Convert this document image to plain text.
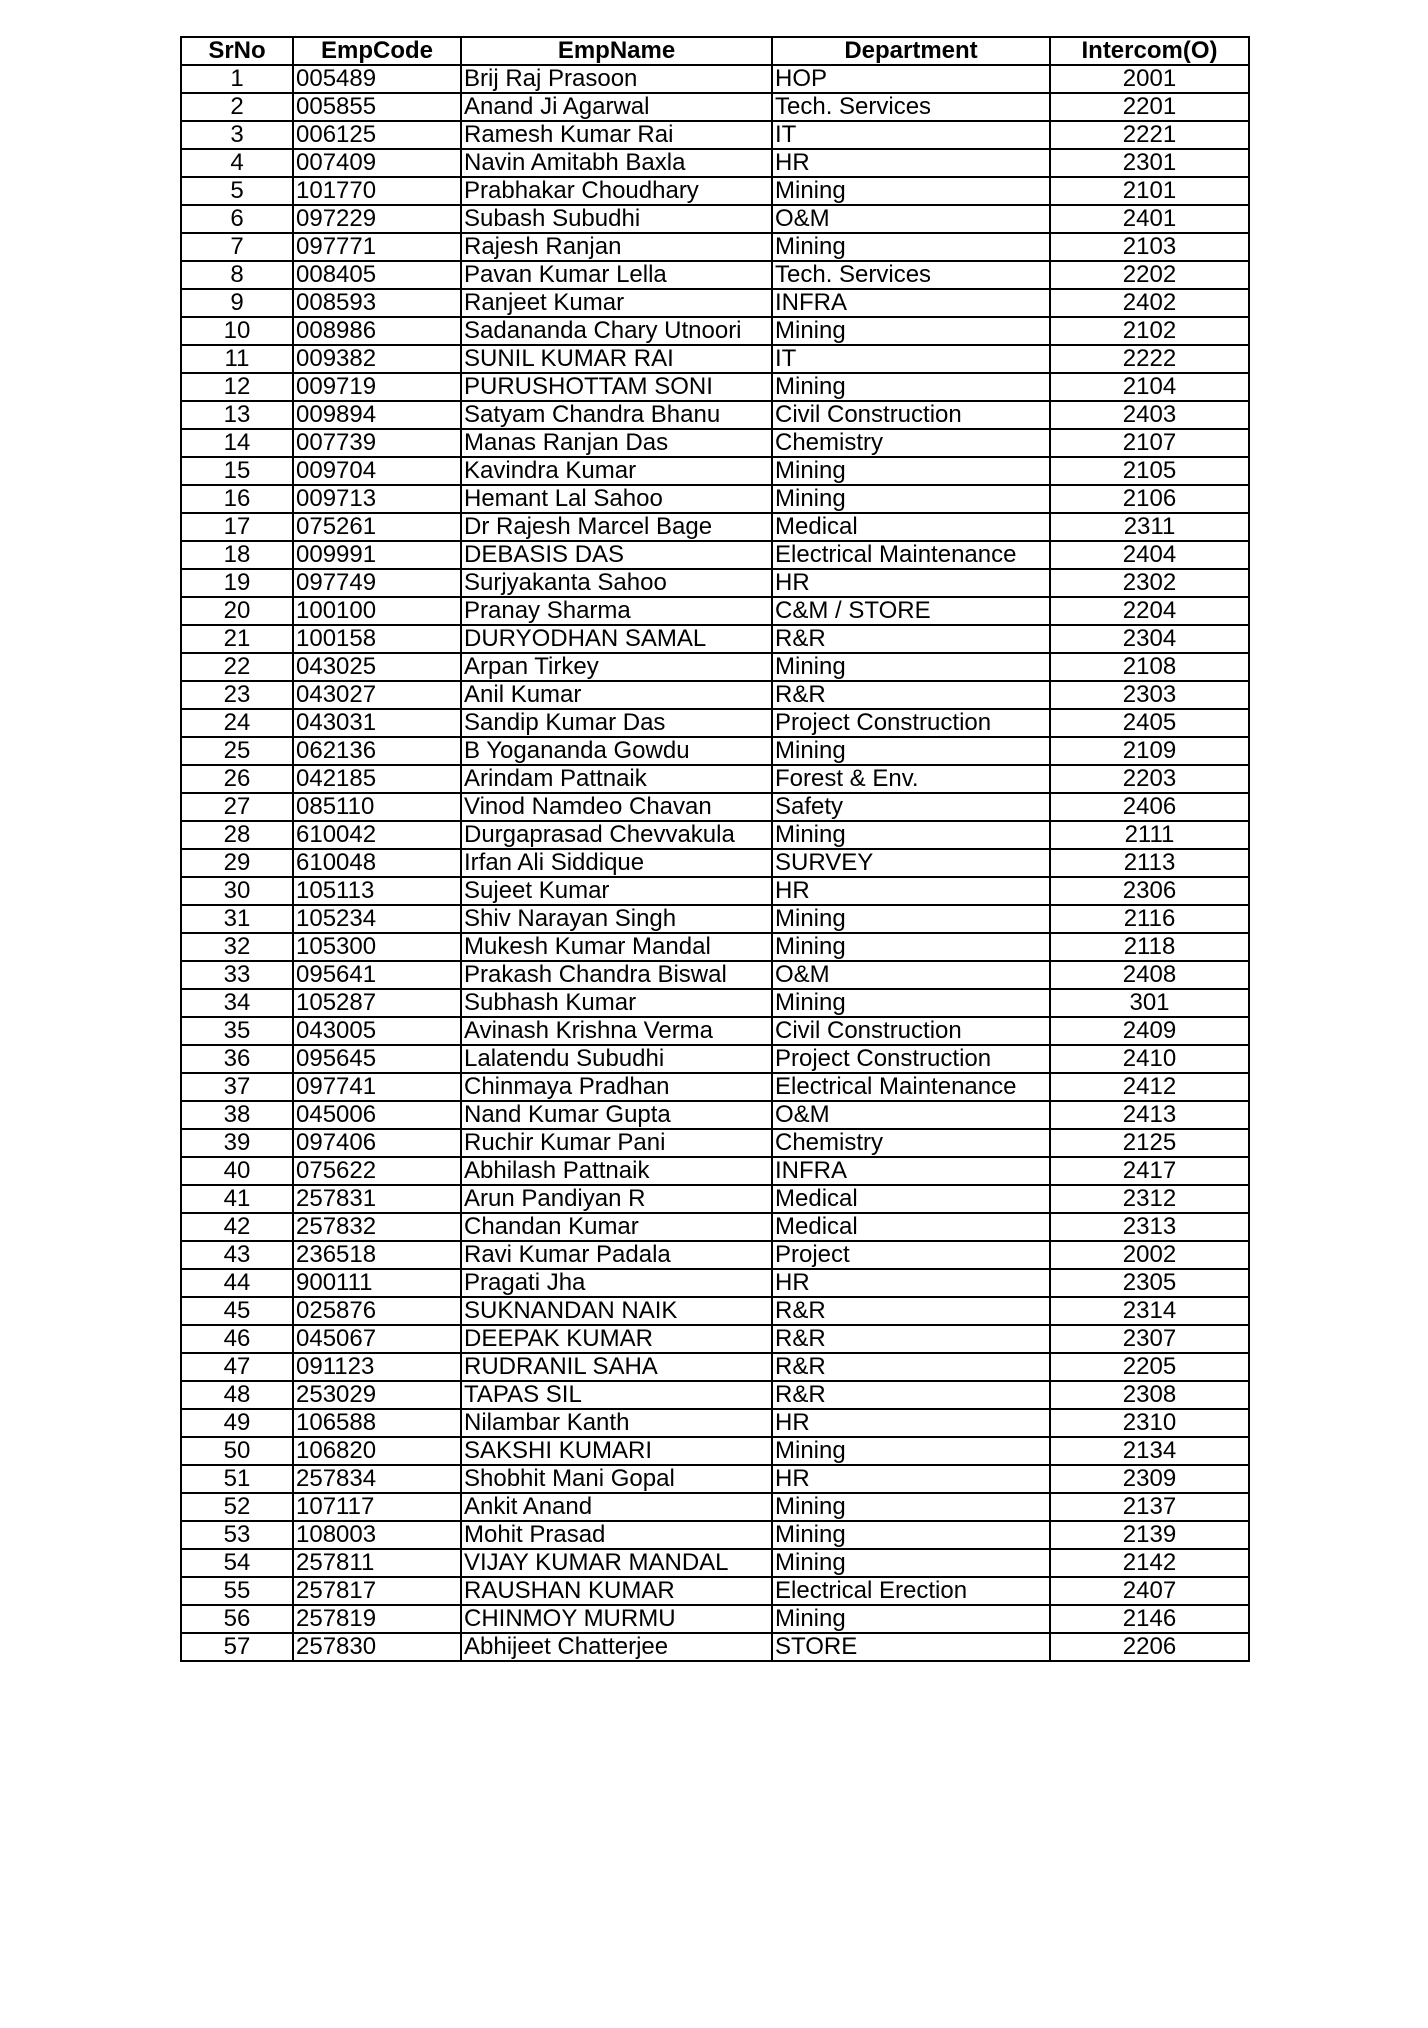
SrNo	EmpCode	EmpName	Department	Intercom(O)
1	005489	Brij Raj Prasoon	HOP	2001
2	005855	Anand Ji Agarwal	Tech. Services	2201
3	006125	Ramesh Kumar Rai	IT	2221
4	007409	Navin Amitabh Baxla	HR	2301
5	101770	Prabhakar Choudhary	Mining	2101
6	097229	Subash Subudhi	O&M	2401
7	097771	Rajesh Ranjan	Mining	2103
8	008405	Pavan Kumar Lella	Tech. Services	2202
9	008593	Ranjeet Kumar	INFRA	2402
10	008986	Sadananda Chary Utnoori	Mining	2102
11	009382	SUNIL KUMAR RAI	IT	2222
12	009719	PURUSHOTTAM SONI	Mining	2104
13	009894	Satyam Chandra Bhanu	Civil Construction	2403
14	007739	Manas Ranjan Das	Chemistry	2107
15	009704	Kavindra Kumar	Mining	2105
16	009713	Hemant Lal Sahoo	Mining	2106
17	075261	Dr Rajesh Marcel Bage	Medical	2311
18	009991	DEBASIS DAS	Electrical Maintenance	2404
19	097749	Surjyakanta Sahoo	HR	2302
20	100100	Pranay Sharma	C&M / STORE	2204
21	100158	DURYODHAN SAMAL	R&R	2304
22	043025	Arpan Tirkey	Mining	2108
23	043027	Anil Kumar	R&R	2303
24	043031	Sandip Kumar Das	Project Construction	2405
25	062136	B Yogananda Gowdu	Mining	2109
26	042185	Arindam Pattnaik	Forest & Env.	2203
27	085110	Vinod Namdeo Chavan	Safety	2406
28	610042	Durgaprasad Chevvakula	Mining	2111
29	610048	Irfan Ali Siddique	SURVEY	2113
30	105113	Sujeet Kumar	HR	2306
31	105234	Shiv Narayan Singh	Mining	2116
32	105300	Mukesh Kumar Mandal	Mining	2118
33	095641	Prakash Chandra Biswal	O&M	2408
34	105287	Subhash Kumar	Mining	301
35	043005	Avinash Krishna Verma	Civil Construction	2409
36	095645	Lalatendu Subudhi	Project Construction	2410
37	097741	Chinmaya Pradhan	Electrical Maintenance	2412
38	045006	Nand Kumar Gupta	O&M	2413
39	097406	Ruchir Kumar Pani	Chemistry	2125
40	075622	Abhilash Pattnaik	INFRA	2417
41	257831	Arun Pandiyan R	Medical	2312
42	257832	Chandan Kumar	Medical	2313
43	236518	Ravi Kumar Padala	Project	2002
44	900111	Pragati Jha	HR	2305
45	025876	SUKNANDAN NAIK	R&R	2314
46	045067	DEEPAK KUMAR	R&R	2307
47	091123	RUDRANIL SAHA	R&R	2205
48	253029	TAPAS SIL	R&R	2308
49	106588	Nilambar Kanth	HR	2310
50	106820	SAKSHI KUMARI	Mining	2134
51	257834	Shobhit Mani Gopal	HR	2309
52	107117	Ankit Anand	Mining	2137
53	108003	Mohit Prasad	Mining	2139
54	257811	VIJAY KUMAR MANDAL	Mining	2142
55	257817	RAUSHAN KUMAR	Electrical Erection	2407
56	257819	CHINMOY MURMU	Mining	2146
57	257830	Abhijeet Chatterjee	STORE	2206
